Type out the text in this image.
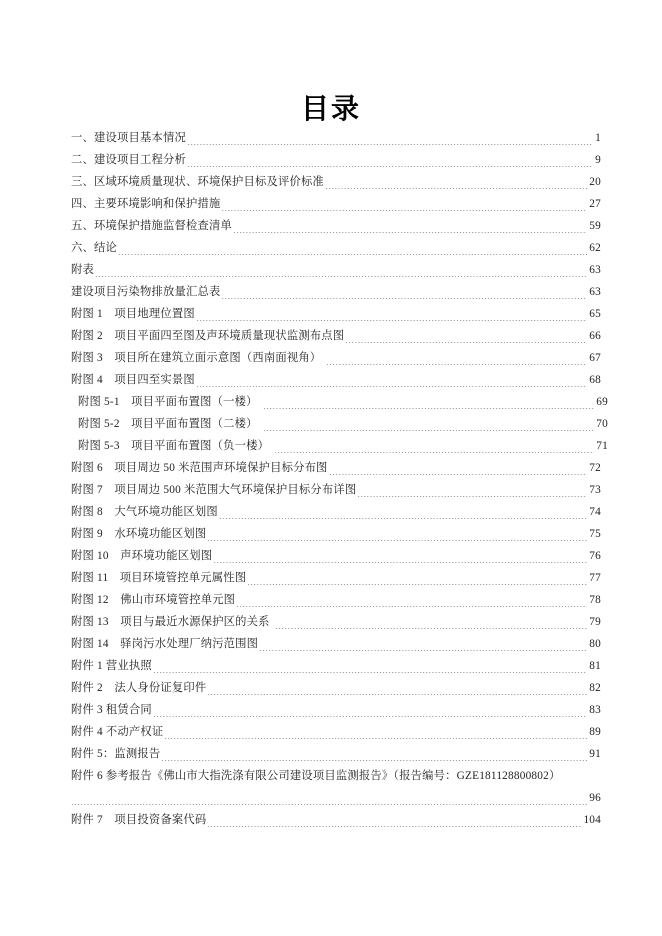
目录
一、建设项目基本情况	1
二、建设项目工程分析	9
三、区域环境质量现状、环境保护目标及评价标准	20
四、主要环境影响和保护措施	27
五、环境保护措施监督检查清单	59
六、结论	62
附表	63
建设项目污染物排放量汇总表	63
附图 1　项目地理位置图	65
附图 2　项目平面四至图及声环境质量现状监测布点图	66
附图 3　项目所在建筑立面示意图（西南面视角）	67
附图 4　项目四至实景图	68
附图 5-1　项目平面布置图（一楼）	69
附图 5-2　项目平面布置图（二楼）	70
附图 5-3　项目平面布置图（负一楼）	71
附图 6　项目周边 50 米范围声环境保护目标分布图	72
附图 7　项目周边 500 米范围大气环境保护目标分布详图	73
附图 8　大气环境功能区划图	74
附图 9　水环境功能区划图	75
附图 10　声环境功能区划图	76
附图 11　项目环境管控单元属性图	77
附图 12　佛山市环境管控单元图	78
附图 13　项目与最近水源保护区的关系	79
附图 14　驿岗污水处理厂纳污范围图	80
附件 1 营业执照	81
附件 2　法人身份证复印件	82
附件 3 租赁合同	83
附件 4 不动产权证	89
附件 5：监测报告	91
附件 6 参考报告《佛山市大指洗涤有限公司建设项目监测报告》（报告编号：GZE181128800802）
96
附件 7　项目投资备案代码	104
